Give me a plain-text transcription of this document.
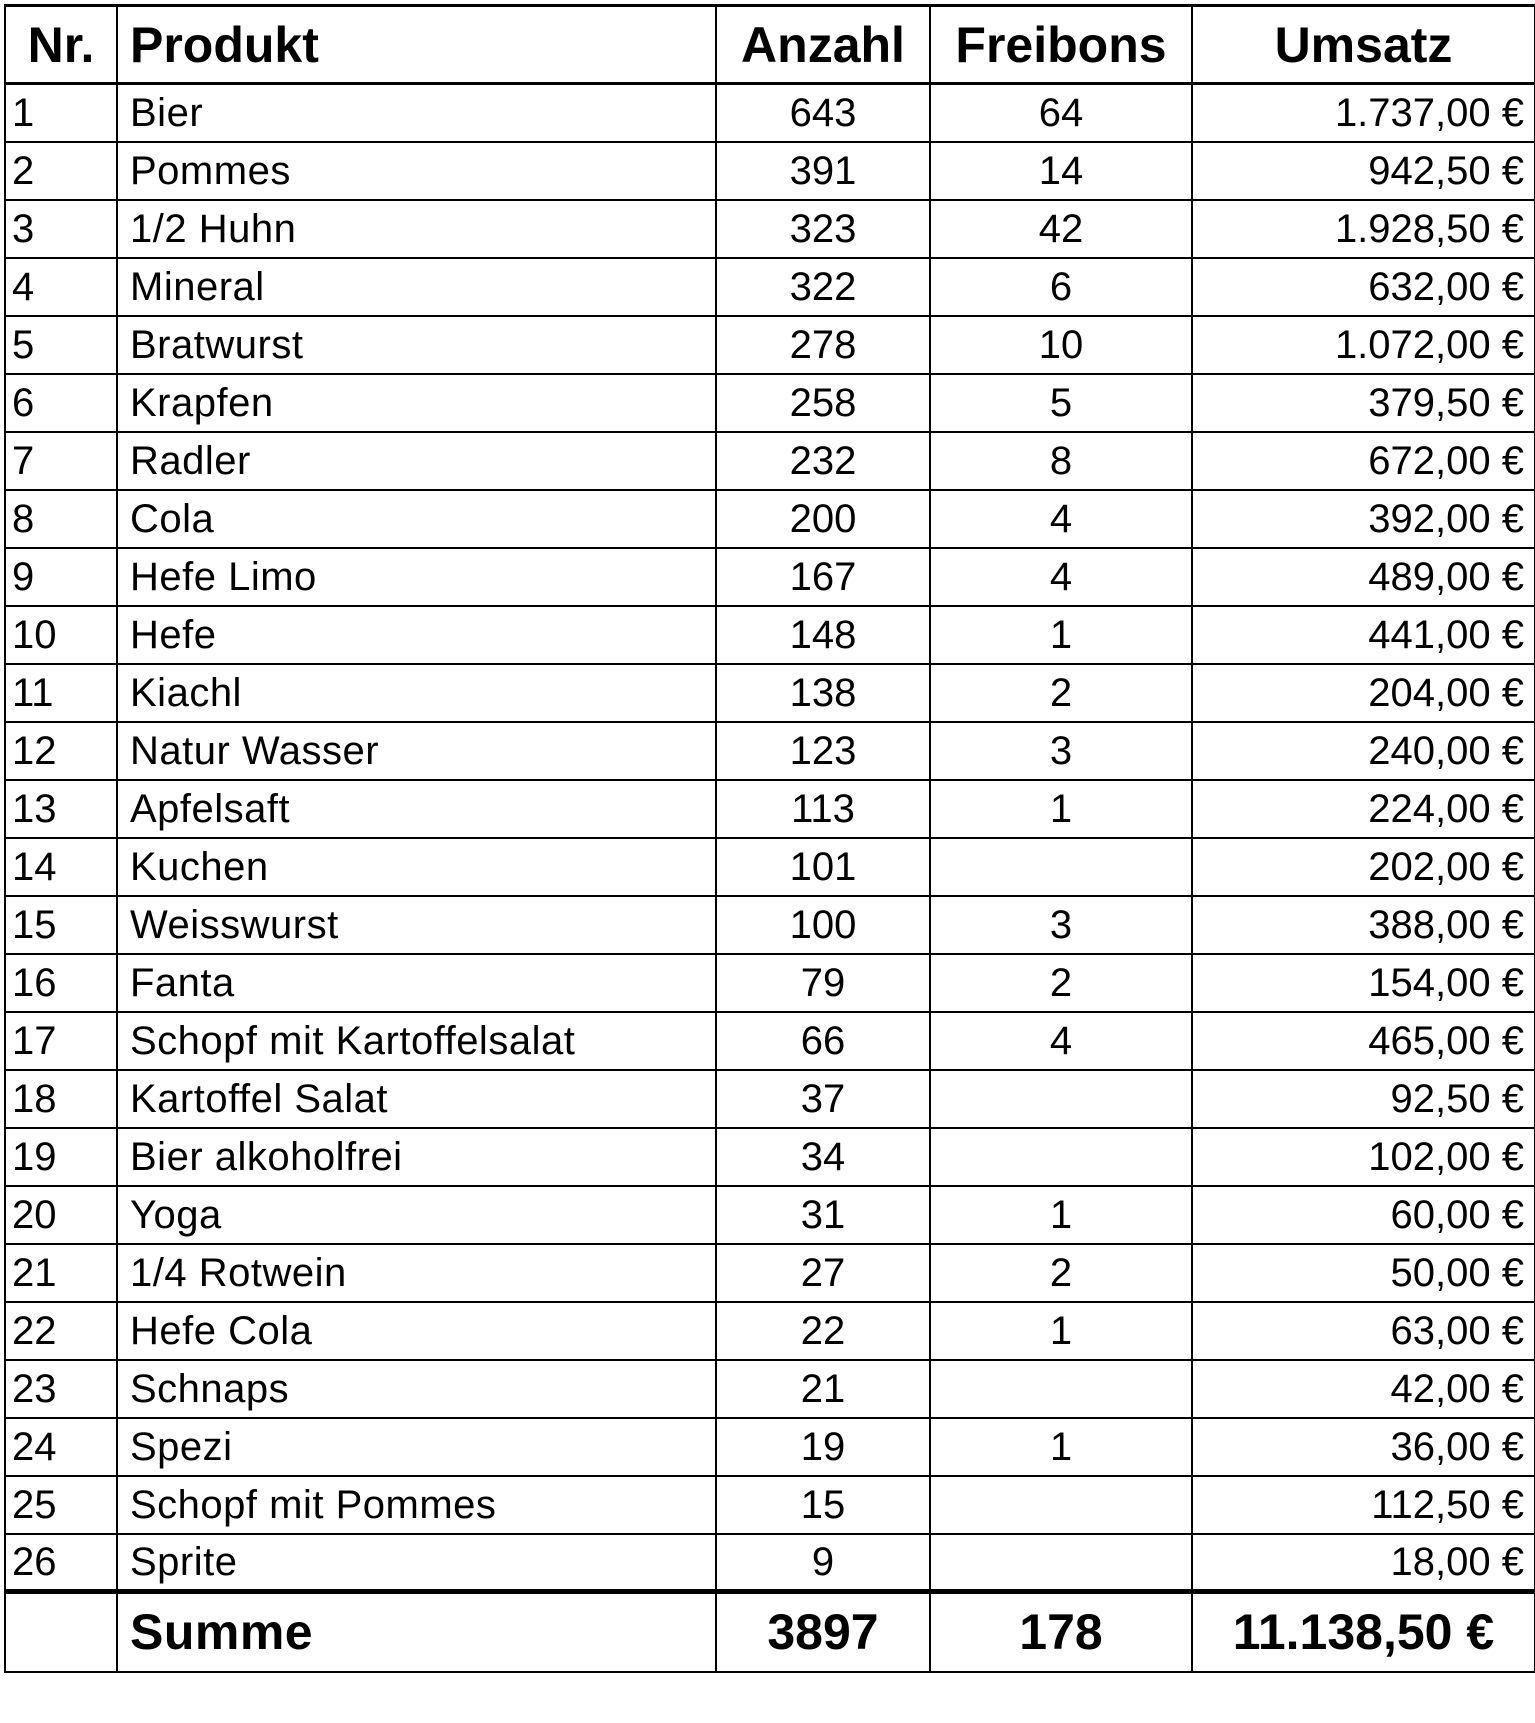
Nr.	Produkt	Anzahl	Freibons	Umsatz
1	Bier	643	64	1.737,00 €
2	Pommes	391	14	942,50 €
3	1/2 Huhn	323	42	1.928,50 €
4	Mineral	322	6	632,00 €
5	Bratwurst	278	10	1.072,00 €
6	Krapfen	258	5	379,50 €
7	Radler	232	8	672,00 €
8	Cola	200	4	392,00 €
9	Hefe Limo	167	4	489,00 €
10	Hefe	148	1	441,00 €
11	Kiachl	138	2	204,00 €
12	Natur Wasser	123	3	240,00 €
13	Apfelsaft	113	1	224,00 €
14	Kuchen	101		202,00 €
15	Weisswurst	100	3	388,00 €
16	Fanta	79	2	154,00 €
17	Schopf mit Kartoffelsalat	66	4	465,00 €
18	Kartoffel Salat	37		92,50 €
19	Bier alkoholfrei	34		102,00 €
20	Yoga	31	1	60,00 €
21	1/4 Rotwein	27	2	50,00 €
22	Hefe Cola	22	1	63,00 €
23	Schnaps	21		42,00 €
24	Spezi	19	1	36,00 €
25	Schopf mit Pommes	15		112,50 €
26	Sprite	9		18,00 €
	Summe	3897	178	11.138,50 €
